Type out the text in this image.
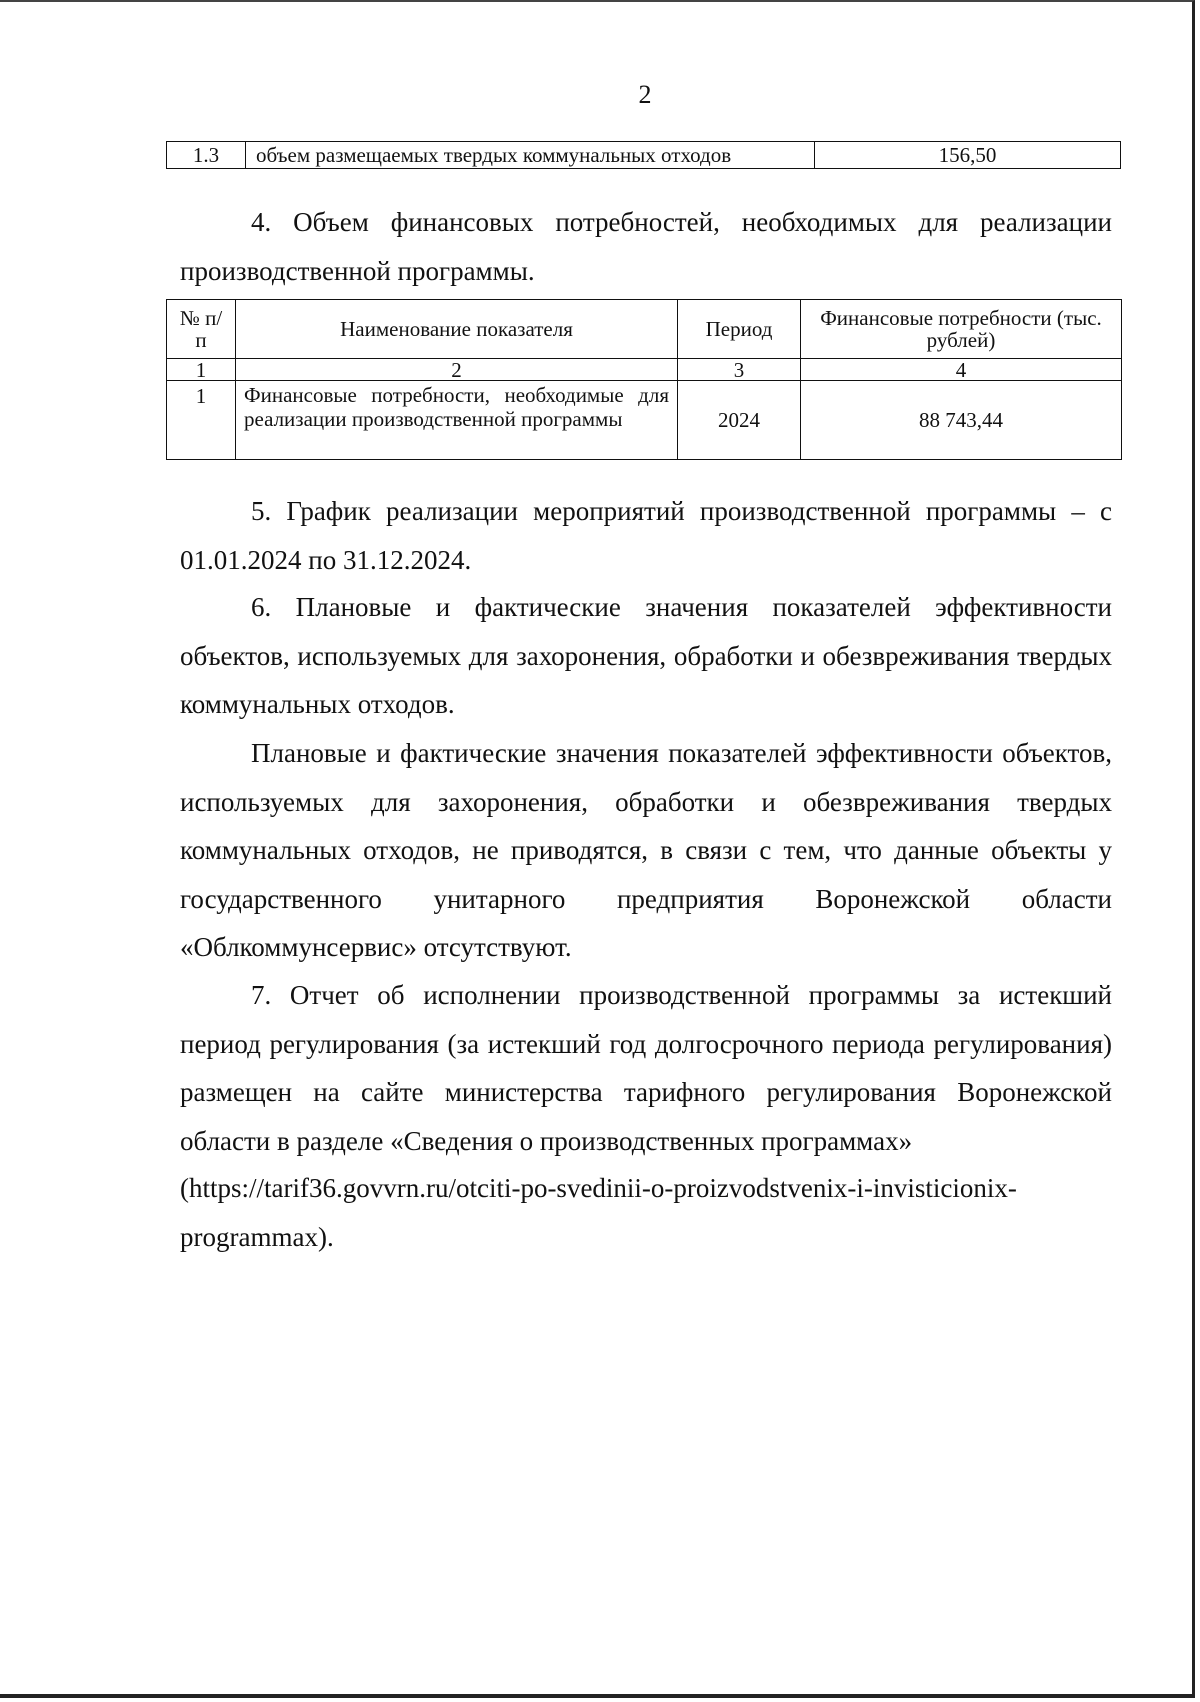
2
1.3	объем размещаемых твердых коммунальных отходов	156,50

4. Объем финансовых потребностей, необходимых для реализации производственной программы.

№ п/п	Наименование показателя	Период	Финансовые потребности (тыс. рублей)
1	2	3	4
1	Финансовые потребности, необходимые для реализации производственной программы	2024	88 743,44

5. График реализации мероприятий производственной программы – с 01.01.2024 по 31.12.2024.

6. Плановые и фактические значения показателей эффективности объектов, используемых для захоронения, обработки и обезвреживания твердых коммунальных отходов.

Плановые и фактические значения показателей эффективности объектов, используемых для захоронения, обработки и обезвреживания твердых коммунальных отходов, не приводятся, в связи с тем, что данные объекты у государственного унитарного предприятия Воронежской области «Облкоммунсервис» отсутствуют.

7. Отчет об исполнении производственной программы за истекший период регулирования (за истекший год долгосрочного периода регулирования) размещен на сайте министерства тарифного регулирования Воронежской области в разделе «Сведения о производственных программах»

(https://tarif36.govvrn.ru/otciti-po-svedinii-o-proizvodstvenix-i-invisticionix-programmax).
